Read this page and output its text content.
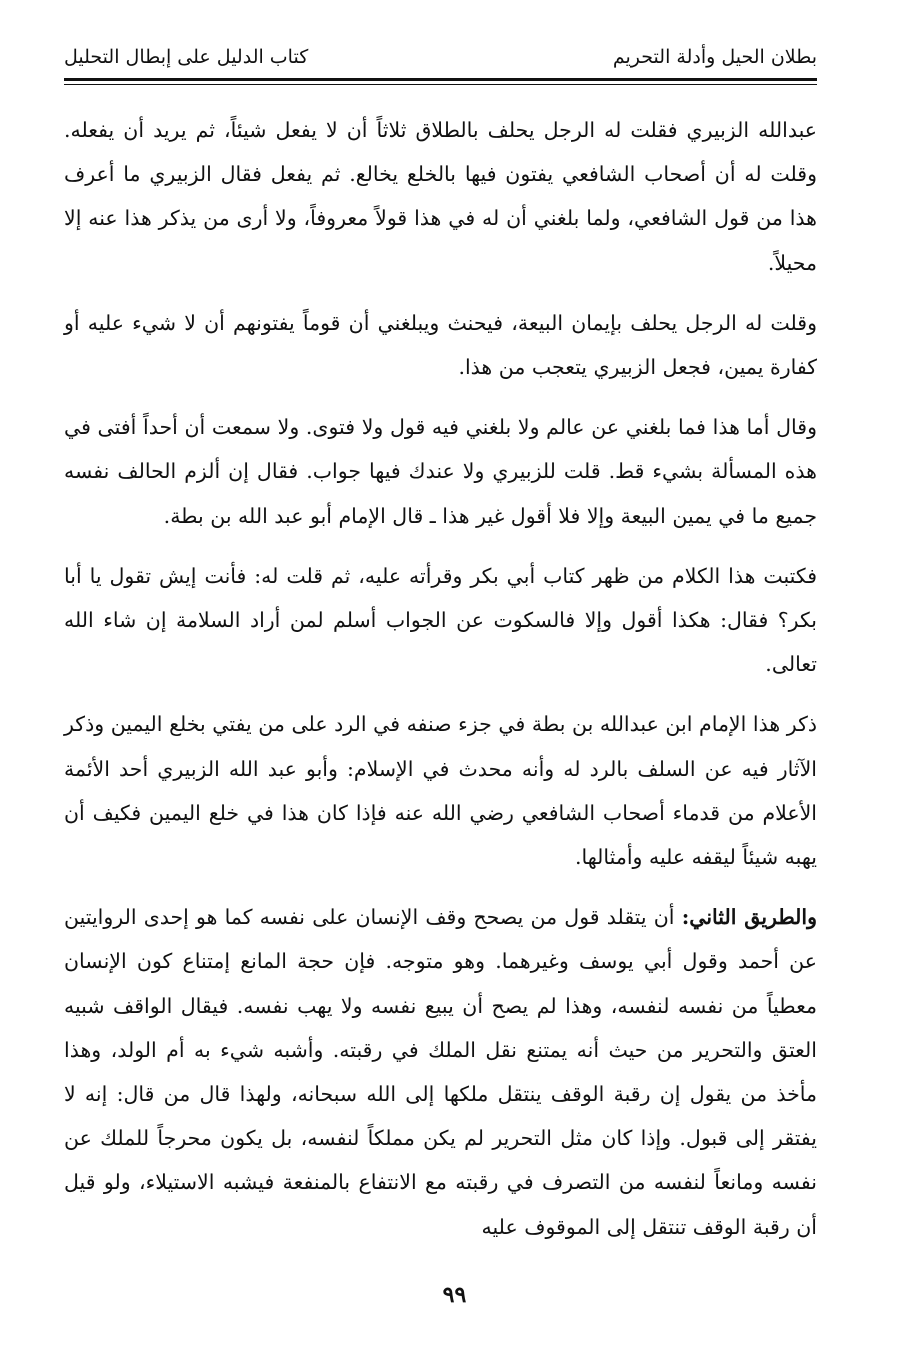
بطلان الحيل وأدلة التحريم
كتاب الدليل على إبطال التحليل

عبدالله الزبيري فقلت له الرجل يحلف بالطلاق ثلاثاً أن لا يفعل شيئاً، ثم يريد أن يفعله. وقلت له أن أصحاب الشافعي يفتون فيها بالخلع يخالع. ثم يفعل فقال الزبيري ما أعرف هذا من قول الشافعي، ولما بلغني أن له في هذا قولاً معروفاً، ولا أرى من يذكر هذا عنه إلا محيلاً.

وقلت له الرجل يحلف بإيمان البيعة، فيحنث ويبلغني أن قوماً يفتونهم أن لا شيء عليه أو كفارة يمين، فجعل الزبيري يتعجب من هذا.

وقال أما هذا فما بلغني عن عالم ولا بلغني فيه قول ولا فتوى. ولا سمعت أن أحداً أفتى في هذه المسألة بشيء قط. قلت للزبيري ولا عندك فيها جواب. فقال إن ألزم الحالف نفسه جميع ما في يمين البيعة وإلا فلا أقول غير هذا ـ قال الإمام أبو عبد الله بن بطة.

فكتبت هذا الكلام من ظهر كتاب أبي بكر وقرأته عليه، ثم قلت له: فأنت إيش تقول يا أبا بكر؟ فقال: هكذا أقول وإلا فالسكوت عن الجواب أسلم لمن أراد السلامة إن شاء الله تعالى.

ذكر هذا الإمام ابن عبدالله بن بطة في جزء صنفه في الرد على من يفتي بخلع اليمين وذكر الآثار فيه عن السلف بالرد له وأنه محدث في الإسلام: وأبو عبد الله الزبيري أحد الأئمة الأعلام من قدماء أصحاب الشافعي رضي الله عنه فإذا كان هذا في خلع اليمين فكيف أن يهبه شيئاً ليقفه عليه وأمثالها.

والطريق الثاني: أن يتقلد قول من يصحح وقف الإنسان على نفسه كما هو إحدى الروايتين عن أحمد وقول أبي يوسف وغيرهما. وهو متوجه. فإن حجة المانع إمتناع كون الإنسان معطياً من نفسه لنفسه، وهذا لم يصح أن يبيع نفسه ولا يهب نفسه. فيقال الواقف شبيه العتق والتحرير من حيث أنه يمتنع نقل الملك في رقبته. وأشبه شيء به أم الولد، وهذا مأخذ من يقول إن رقبة الوقف ينتقل ملكها إلى الله سبحانه، ولهذا قال من قال: إنه لا يفتقر إلى قبول. وإذا كان مثل التحرير لم يكن مملكاً لنفسه، بل يكون محرجاً للملك عن نفسه ومانعاً لنفسه من التصرف في رقبته مع الانتفاع بالمنفعة فيشبه الاستيلاء، ولو قيل أن رقبة الوقف تنتقل إلى الموقوف عليه

٩٩
